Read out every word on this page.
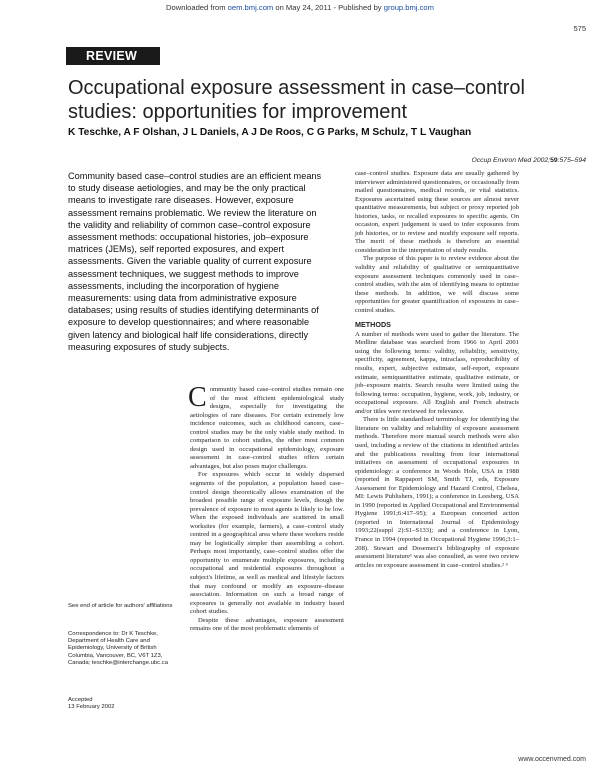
Downloaded from oem.bmj.com on May 24, 2011 - Published by group.bmj.com
575
REVIEW
Occupational exposure assessment in case–control studies: opportunities for improvement
K Teschke, A F Olshan, J L Daniels, A J De Roos, C G Parks, M Schulz, T L Vaughan
Occup Environ Med 2002;59:575–594
Community based case–control studies are an efficient means to study disease aetiologies, and may be the only practical means to investigate rare diseases. However, exposure assessment remains problematic. We review the literature on the validity and reliability of common case–control exposure assessment methods: occupational histories, job–exposure matrices (JEMs), self reported exposures, and expert assessments. Given the variable quality of current exposure assessment techniques, we suggest methods to improve assessments, including the incorporation of hygiene measurements: using data from administrative exposure databases; using results of studies identifying determinants of exposure to develop questionnaires; and where reasonable given latency and biological half life considerations, directly measuring exposures of study subjects.

Community based case–control studies remain one of the most efficient epidemiological study designs, especially for investigating the aetiologies of rare diseases. For certain extremely low incidence outcomes, such as childhood cancers, case–control studies may be the only viable study method. In comparison to cohort studies, the other most common design used in occupational epidemiology, exposure assessment in case–control studies offers certain advantages, but also poses major challenges.

For exposures which occur in widely dispersed segments of the population, a population based case–control design theoretically allows examination of the broadest possible range of exposure levels, though the prevalence of exposure to most agents is likely to be low. When the exposed individuals are scattered in small worksites (for example, farmers), a case–control study centred in a geographical area where these workers reside may be logistically simpler than assembling a cohort. Perhaps most importantly, case–control studies offer the opportunity to enumerate multiple exposures, including occupational and residential exposures throughout a subject's lifetime, as well as medical and lifestyle factors that may confound or modify an exposure–disease association. Information on such a broad range of exposures is generally not available in industry based cohort studies.

Despite these advantages, exposure assessment remains one of the most problematic elements of

case–control studies. Exposure data are usually gathered by interviewer administered questionnaires, or occasionally from mailed questionnaires, medical records, or vital statistics. Exposures ascertained using these sources are almost never quantitative measurements, but subject or proxy reported job histories, tasks, or recalled exposures to specific agents. On occasion, expert judgement is used to infer exposures from job histories, or to review and modify exposure self reports. The merit of these methods is therefore an essential consideration in the interpretation of study results.

The purpose of this paper is to review evidence about the validity and reliability of qualitative or semiquantitative exposure assessment techniques commonly used in case–control studies, with the aim of identifying means to optimise these methods. In addition, we will discuss some opportunities for greater quantification of exposures in case–control studies.

METHODS

A number of methods were used to gather the literature. The Medline database was searched from 1966 to April 2001 using the following terms: validity, reliability, sensitivity, specificity, agreement, kappa, intraclass, reproducibility of results, expert, subjective estimate, self-report, exposure estimate, semiquantitative estimate, qualitative estimate, or job–exposure matrix. Search results were limited using the following terms: occupation, hygiene, work, job, industry, or occupational exposure. All English and French abstracts and/or titles were reviewed for relevance.

There is little standardised terminology for identifying the literature on validity and reliability of exposure assessment methods. Therefore more manual search methods were also used, including a review of the citations in identified articles and the publications resulting from four international initiatives on assessment of occupational exposures in epidemiology: a conference in Woods Hole, USA in 1988 (reported in Rappaport SM, Smith TJ, eds, Exposure Assessment for Epidemiology and Hazard Control, Chelsea, MI: Lewis Publishers, 1991); a conference in Leesberg, USA in 1990 (reported in Applied Occupational and Environmental Hygiene 1991;6:417–95); a European concerted action (reported in International Journal of Epidemiology 1993;22(suppl 2):S1–S133); and a conference in Lyon, France in 1994 (reported in Occupational Hygiene 1996;3:1–208). Stewart and Dosemeci's bibliography of exposure assessment literature¹ was also consulted, as were two review articles on exposure assessment in case–control studies.² ³

See end of article for authors' affiliations
Correspondence to: Dr K Teschke, Department of Health Care and Epidemiology, University of British Columbia, Vancouver, BC, V6T 1Z3, Canada; teschke@interchange.ubc.ca
Accepted
13 February 2002
www.occenvmed.com
